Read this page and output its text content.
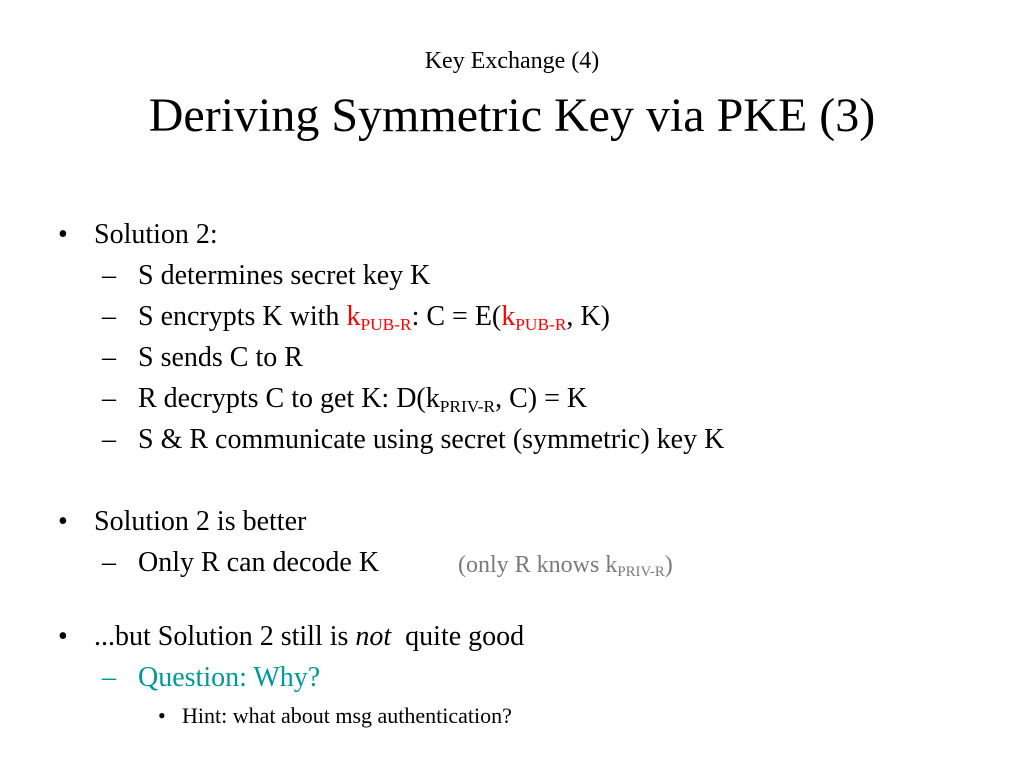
Key Exchange (4)
Deriving Symmetric Key via PKE (3)
• Solution 2:
– S determines secret key K
– S encrypts K with $k_{PUB-R}$: $C = E(k_{PUB-R}$, K)
– S sends C to R
– R decrypts C to get K: $D(k_{PRIV-R}$, C) = K
– S & R communicate using secret (symmetric) key K
• Solution 2 is better
– Only R can decode K	(only R knows $k_{PRIV-R}$)
• ...but Solution 2 still is not  quite good
– Question: Why?
• Hint: what about msg authentication?
